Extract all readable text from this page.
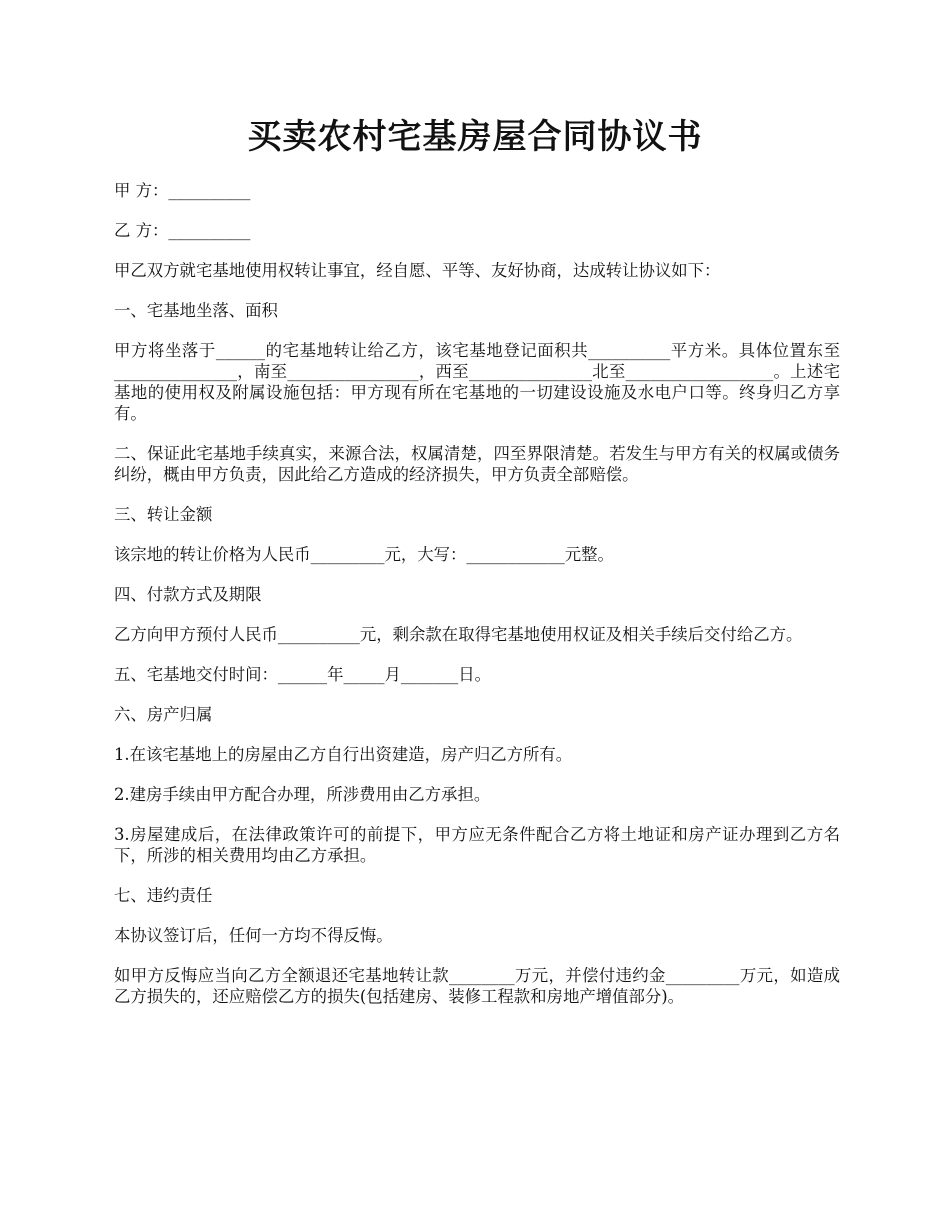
买卖农村宅基房屋合同协议书

甲 方：__________

乙 方：__________

甲乙双方就宅基地使用权转让事宜，经自愿、平等、友好协商，达成转让协议如下：

一、宅基地坐落、面积

甲方将坐落于______的宅基地转让给乙方，该宅基地登记面积共__________平方米。具体位置东至_______________，南至________________，西至_______________北至__________________。上述宅基地的使用权及附属设施包括：甲方现有所在宅基地的一切建设设施及水电户口等。终身归乙方享有。

二、保证此宅基地手续真实，来源合法，权属清楚，四至界限清楚。若发生与甲方有关的权属或债务纠纷，概由甲方负责，因此给乙方造成的经济损失，甲方负责全部赔偿。

三、转让金额

该宗地的转让价格为人民币_________元，大写：____________元整。

四、付款方式及期限

乙方向甲方预付人民币__________元，剩余款在取得宅基地使用权证及相关手续后交付给乙方。

五、宅基地交付时间：______年_____月_______日。

六、房产归属

1.在该宅基地上的房屋由乙方自行出资建造，房产归乙方所有。

2.建房手续由甲方配合办理，所涉费用由乙方承担。

3.房屋建成后，在法律政策许可的前提下，甲方应无条件配合乙方将土地证和房产证办理到乙方名下，所涉的相关费用均由乙方承担。

七、违约责任

本协议签订后，任何一方均不得反悔。

如甲方反悔应当向乙方全额退还宅基地转让款________万元，并偿付违约金_________万元，如造成乙方损失的，还应赔偿乙方的损失(包括建房、装修工程款和房地产增值部分)。
